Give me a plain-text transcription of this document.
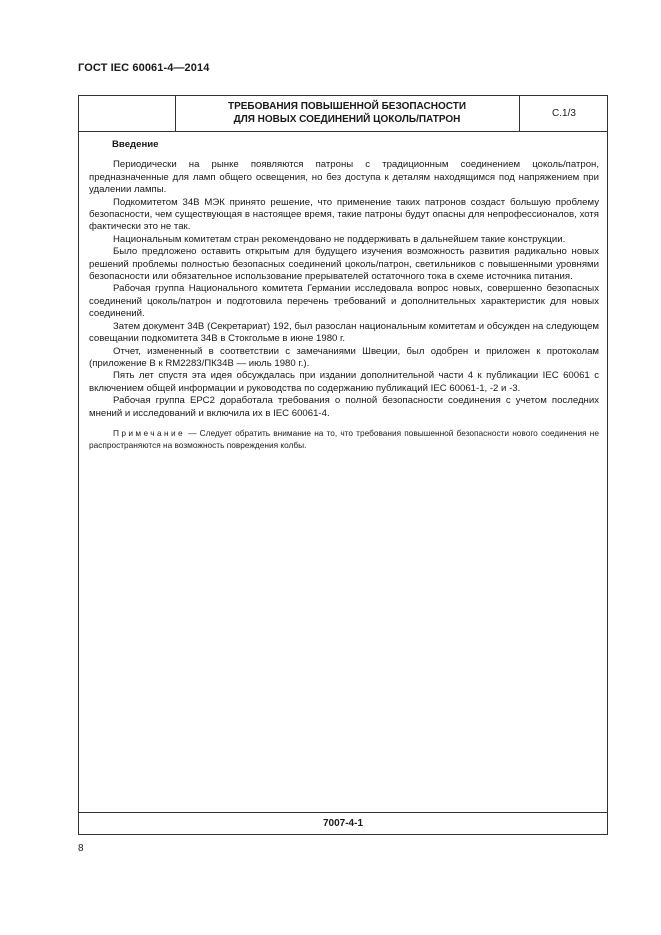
ГОСТ IEC 60061-4—2014
ТРЕБОВАНИЯ ПОВЫШЕННОЙ БЕЗОПАСНОСТИ
ДЛЯ НОВЫХ СОЕДИНЕНИЙ ЦОКОЛЬ/ПАТРОН	С.1/3
Введение

Периодически на рынке появляются патроны с традиционным соединением цоколь/патрон, предназначенные для ламп общего освещения, но без доступа к деталям находящимся под напряжением при удалении лампы.

Подкомитетом 34В МЭК принято решение, что применение таких патронов создаст большую проблему безопасности, чем существующая в настоящее время, такие патроны будут опасны для непрофессионалов, хотя фактически это не так.

Национальным комитетам стран рекомендовано не поддерживать в дальнейшем такие конструкции.

Было предложено оставить открытым для будущего изучения возможность развития радикально новых решений проблемы полностью безопасных соединений цоколь/патрон, светильников с повышенными уровнями безопасности или обязательное использование прерывателей остаточного тока в схеме источника питания.

Рабочая группа Национального комитета Германии исследовала вопрос новых, совершенно безопасных соединений цоколь/патрон и подготовила перечень требований и дополнительных характеристик для новых соединений.

Затем документ 34В (Секретариат) 192, был разослан национальным комитетам и обсужден на следующем совещании подкомитета 34В в Стокгольме в июне 1980 г.

Отчет, измененный в соответствии с замечаниями Швеции, был одобрен и приложен к протоколам (приложение В к RM2283/ПК34В — июль 1980 г.).

Пять лет спустя эта идея обсуждалась при издании дополнительной части 4 к публикации IEC 60061 с включением общей информации и руководства по содержанию публикаций IEC 60061-1, -2 и -3.

Рабочая группа ЕРС2 доработала требования о полной безопасности соединения с учетом последних мнений и исследований и включила их в IEC 60061-4.

Примечание — Следует обратить внимание на то, что требования повышенной безопасности нового соединения не распространяются на возможность повреждения колбы.
7007-4-1
8
